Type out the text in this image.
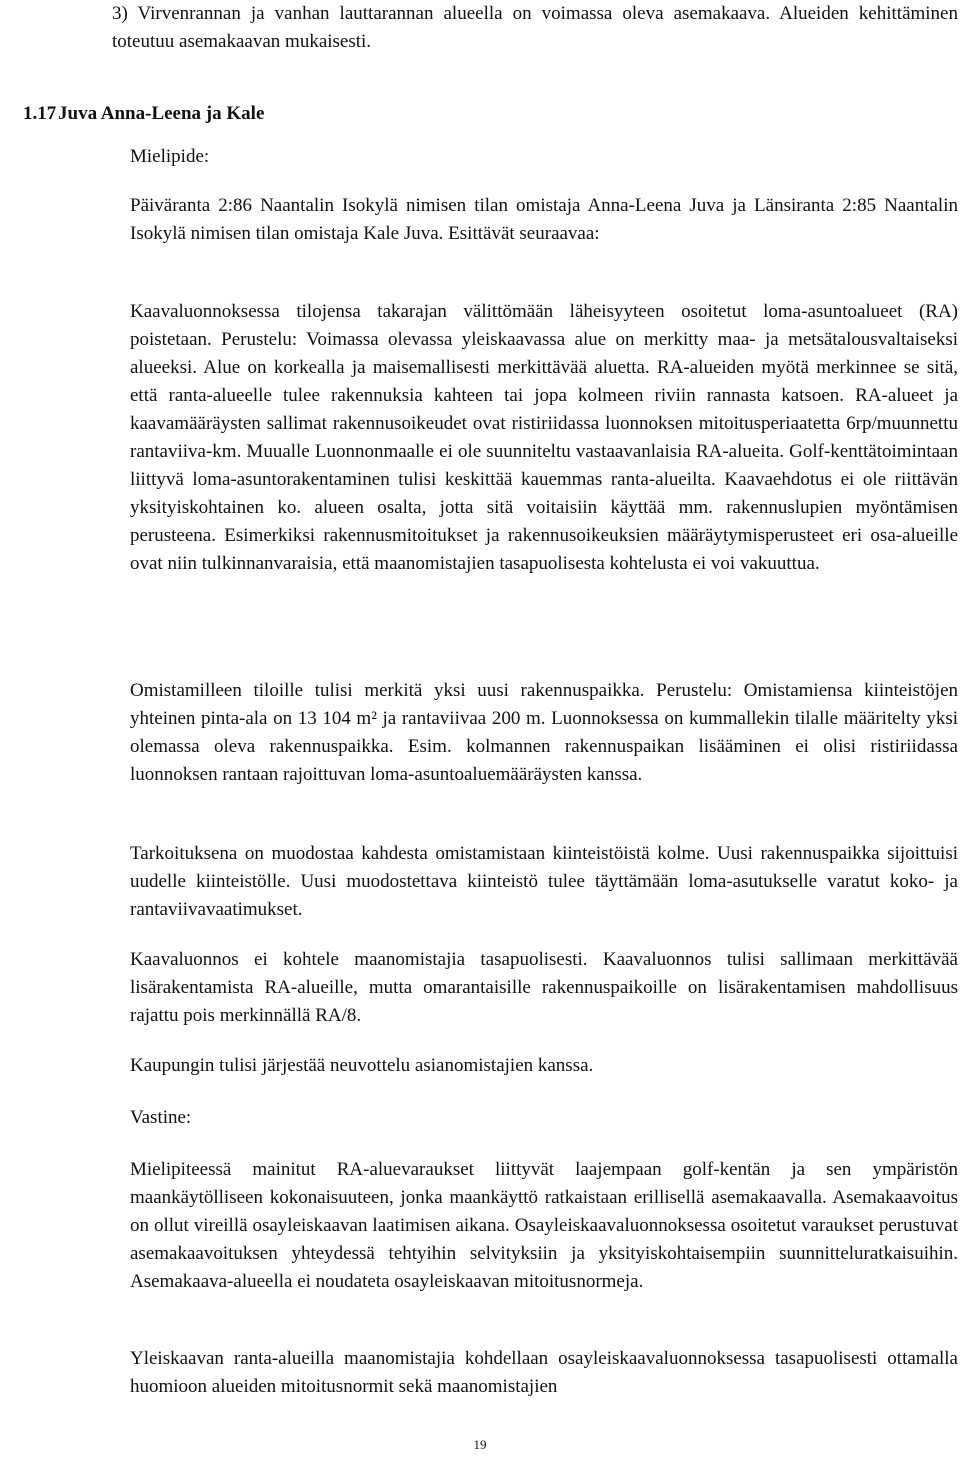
3) Virvenrannan ja vanhan lauttarannan alueella on voimassa oleva asemakaava. Alueiden kehittäminen toteutuu asemakaavan mukaisesti.

1.17Juva Anna-Leena ja Kale

Mielipide:

Päiväranta 2:86 Naantalin Isokylä nimisen tilan omistaja Anna-Leena Juva ja Länsiranta 2:85 Naantalin Isokylä nimisen tilan omistaja Kale Juva. Esittävät seuraavaa:

Kaavaluonnoksessa tilojensa takarajan välittömään läheisyyteen osoitetut loma-asuntoalueet (RA) poistetaan. Perustelu: Voimassa olevassa yleiskaavassa alue on merkitty maa- ja metsätalousvaltaiseksi alueeksi. Alue on korkealla ja maisemallisesti merkittävää aluetta. RA-alueiden myötä merkinnee se sitä, että ranta-alueelle tulee rakennuksia kahteen tai jopa kolmeen riviin rannasta katsoen. RA-alueet ja kaavamääräysten sallimat rakennusoikeudet ovat ristiriidassa luonnoksen mitoitusperiaatetta 6rp/muunnettu rantaviiva-km. Muualle Luonnonmaalle ei ole suunniteltu vastaavanlaisia RA-alueita. Golf-kenttätoimintaan liittyvä loma-asuntorakentaminen tulisi keskittää kauemmas ranta-alueilta. Kaavaehdotus ei ole riittävän yksityiskohtainen ko. alueen osalta, jotta sitä voitaisiin käyttää mm. rakennuslupien myöntämisen perusteena. Esimerkiksi rakennusmitoitukset ja rakennusoikeuksien määräytymisperusteet eri osa-alueille ovat niin tulkinnanvaraisia, että maanomistajien tasapuolisesta kohtelusta ei voi vakuuttua.

Omistamilleen tiloille tulisi merkitä yksi uusi rakennuspaikka. Perustelu: Omistamiensa kiinteistöjen yhteinen pinta-ala on 13 104 m² ja rantaviivaa 200 m. Luonnoksessa on kummallekin tilalle määritelty yksi olemassa oleva rakennuspaikka. Esim. kolmannen rakennuspaikan lisääminen ei olisi ristiriidassa luonnoksen rantaan rajoittuvan loma-asuntoaluemääräysten kanssa.

Tarkoituksena on muodostaa kahdesta omistamistaan kiinteistöistä kolme. Uusi rakennuspaikka sijoittuisi uudelle kiinteistölle. Uusi muodostettava kiinteistö tulee täyttämään loma-asutukselle varatut koko- ja rantaviivavaatimukset.

Kaavaluonnos ei kohtele maanomistajia tasapuolisesti. Kaavaluonnos tulisi sallimaan merkittävää lisärakentamista RA-alueille, mutta omarantaisille rakennuspaikoille on lisärakentamisen mahdollisuus rajattu pois merkinnällä RA/8.

Kaupungin tulisi järjestää neuvottelu asianomistajien kanssa.

Vastine:

Mielipiteessä mainitut RA-aluevaraukset liittyvät laajempaan golf-kentän ja sen ympäristön maankäytölliseen kokonaisuuteen, jonka maankäyttö ratkaistaan erillisellä asemakaavalla. Asemakaavoitus on ollut vireillä osayleiskaavan laatimisen aikana. Osayleiskaavaluonnoksessa osoitetut varaukset perustuvat asemakaavoituksen yhteydessä tehtyihin selvityksiin ja yksityiskohtaisempiin suunnitteluratkaisuihin. Asemakaava-alueella ei noudateta osayleiskaavan mitoitusnormeja.

Yleiskaavan ranta-alueilla maanomistajia kohdellaan osayleiskaavaluonnoksessa tasapuolisesti ottamalla huomioon alueiden mitoitusnormit sekä maanomistajien

19
